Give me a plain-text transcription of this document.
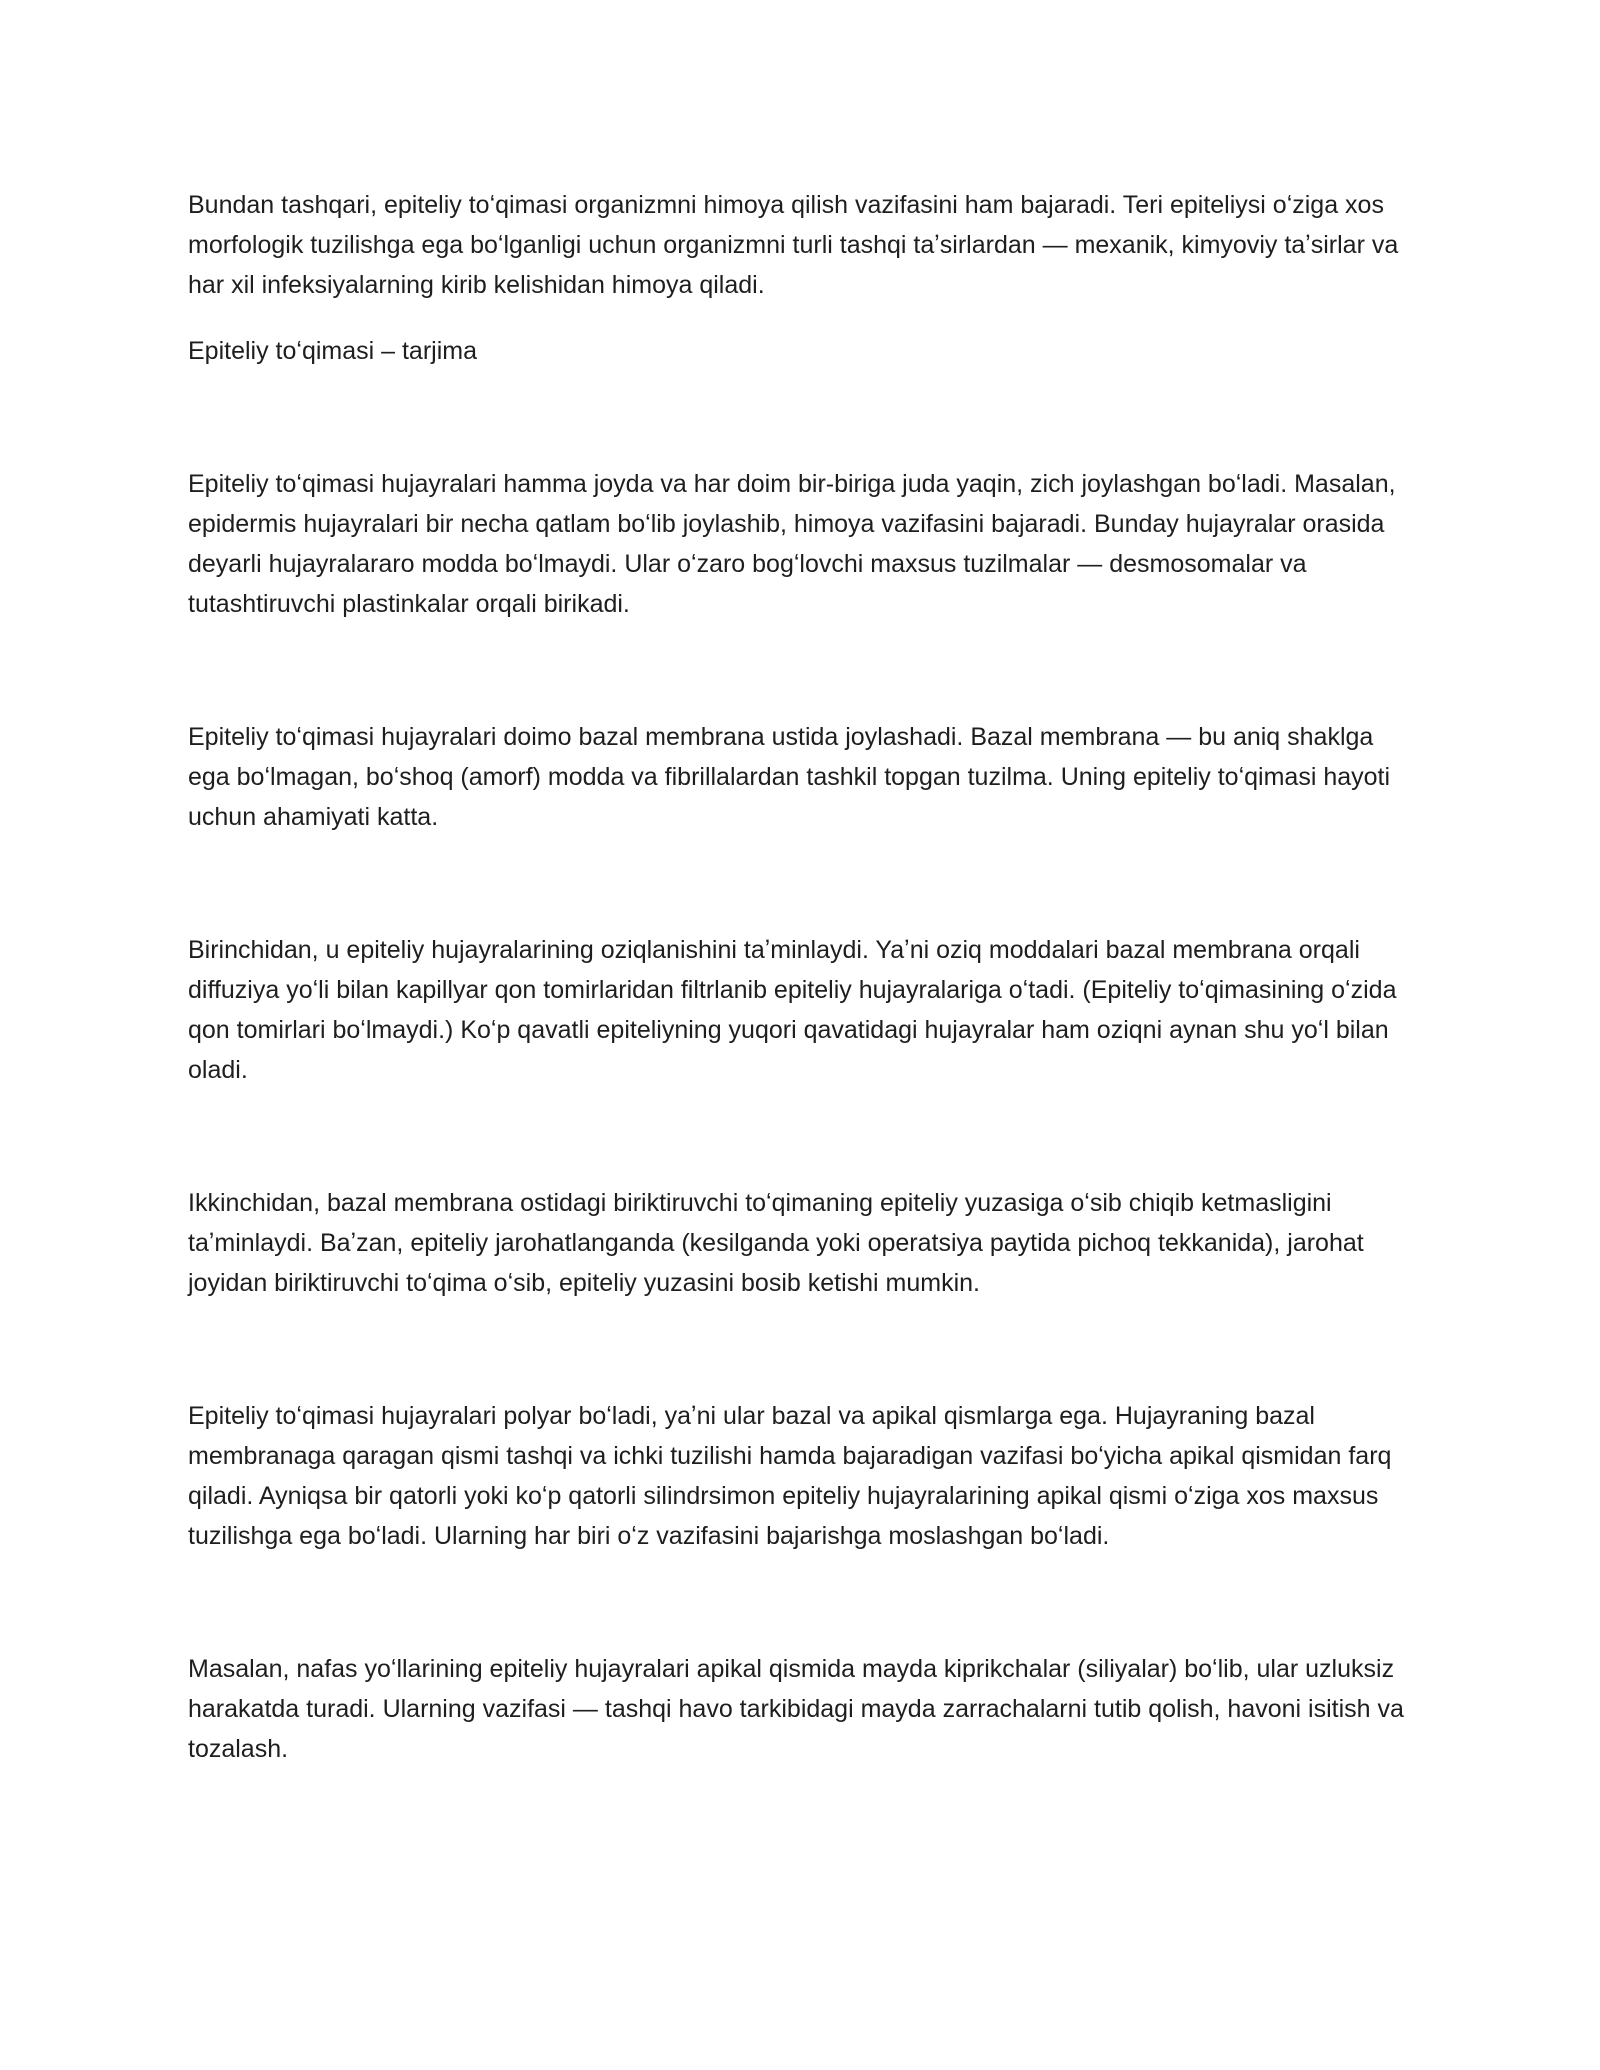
Bundan tashqari, epiteliy toʻqimasi organizmni himoya qilish vazifasini ham bajaradi. Teri epiteliysi oʻziga xos morfologik tuzilishga ega boʻlganligi uchun organizmni turli tashqi taʼsirlardan — mexanik, kimyoviy taʼsirlar va har xil infeksiyalarning kirib kelishidan himoya qiladi.

Epiteliy toʻqimasi – tarjima

Epiteliy toʻqimasi hujayralari hamma joyda va har doim bir-biriga juda yaqin, zich joylashgan boʻladi. Masalan, epidermis hujayralari bir necha qatlam boʻlib joylashib, himoya vazifasini bajaradi. Bunday hujayralar orasida deyarli hujayralararo modda boʻlmaydi. Ular oʻzaro bogʻlovchi maxsus tuzilmalar — desmosomalar va tutashtiruvchi plastinkalar orqali birikadi.

Epiteliy toʻqimasi hujayralari doimo bazal membrana ustida joylashadi. Bazal membrana — bu aniq shaklga ega boʻlmagan, boʻshoq (amorf) modda va fibrillalardan tashkil topgan tuzilma. Uning epiteliy toʻqimasi hayoti uchun ahamiyati katta.

Birinchidan, u epiteliy hujayralarining oziqlanishini taʼminlaydi. Yaʼni oziq moddalari bazal membrana orqali diffuziya yoʻli bilan kapillyar qon tomirlaridan filtrlanib epiteliy hujayralariga oʻtadi. (Epiteliy toʻqimasining oʻzida qon tomirlari boʻlmaydi.) Koʻp qavatli epiteliyning yuqori qavatidagi hujayralar ham oziqni aynan shu yoʻl bilan oladi.

Ikkinchidan, bazal membrana ostidagi biriktiruvchi toʻqimaning epiteliy yuzasiga oʻsib chiqib ketmasligini taʼminlaydi. Baʼzan, epiteliy jarohatlanganda (kesilganda yoki operatsiya paytida pichoq tekkanida), jarohat joyidan biriktiruvchi toʻqima oʻsib, epiteliy yuzasini bosib ketishi mumkin.

Epiteliy toʻqimasi hujayralari polyar boʻladi, yaʼni ular bazal va apikal qismlarga ega. Hujayraning bazal membranaga qaragan qismi tashqi va ichki tuzilishi hamda bajaradigan vazifasi boʻyicha apikal qismidan farq qiladi. Ayniqsa bir qatorli yoki koʻp qatorli silindrsimon epiteliy hujayralarining apikal qismi oʻziga xos maxsus tuzilishga ega boʻladi. Ularning har biri oʻz vazifasini bajarishga moslashgan boʻladi.

Masalan, nafas yoʻllarining epiteliy hujayralari apikal qismida mayda kiprikchalar (siliyalar) boʻlib, ular uzluksiz harakatda turadi. Ularning vazifasi — tashqi havo tarkibidagi mayda zarrachalarni tutib qolish, havoni isitish va tozalash.
